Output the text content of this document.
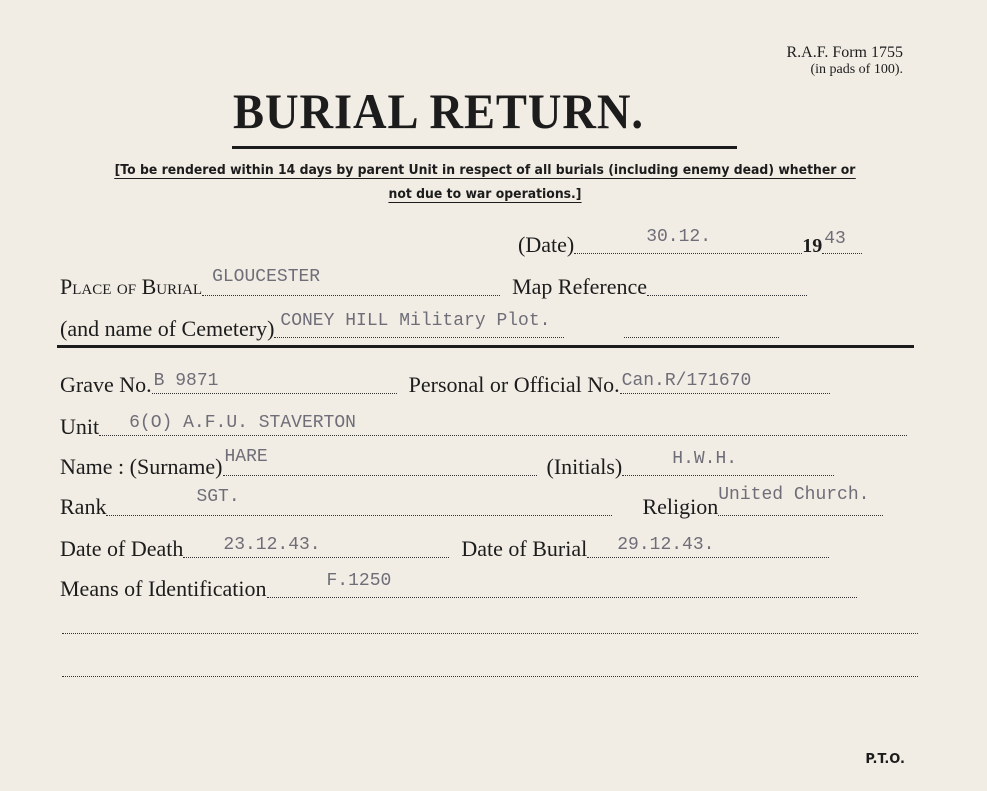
R.A.F. Form 1755
(in pads of 100).
BURIAL RETURN.
[To be rendered within 14 days by parent Unit in respect of all burials (including enemy dead) whether or
not due to war operations.]
(Date)	30.12.	19 43
Place of Burial GLOUCESTER	Map Reference
(and name of Cemetery) CONEY HILL Military Plot.
Grave No. B 9871	Personal or Official No. Can.R/171670
Unit 6(O) A.F.U. STAVERTON
Name : (Surname) HARE	(Initials)	H.W.H.
Rank	SGT.	Religion United Church.
Date of Death 23.12.43.	Date of Burial 29.12.43.
Means of Identification	F.1250
P.T.O.
